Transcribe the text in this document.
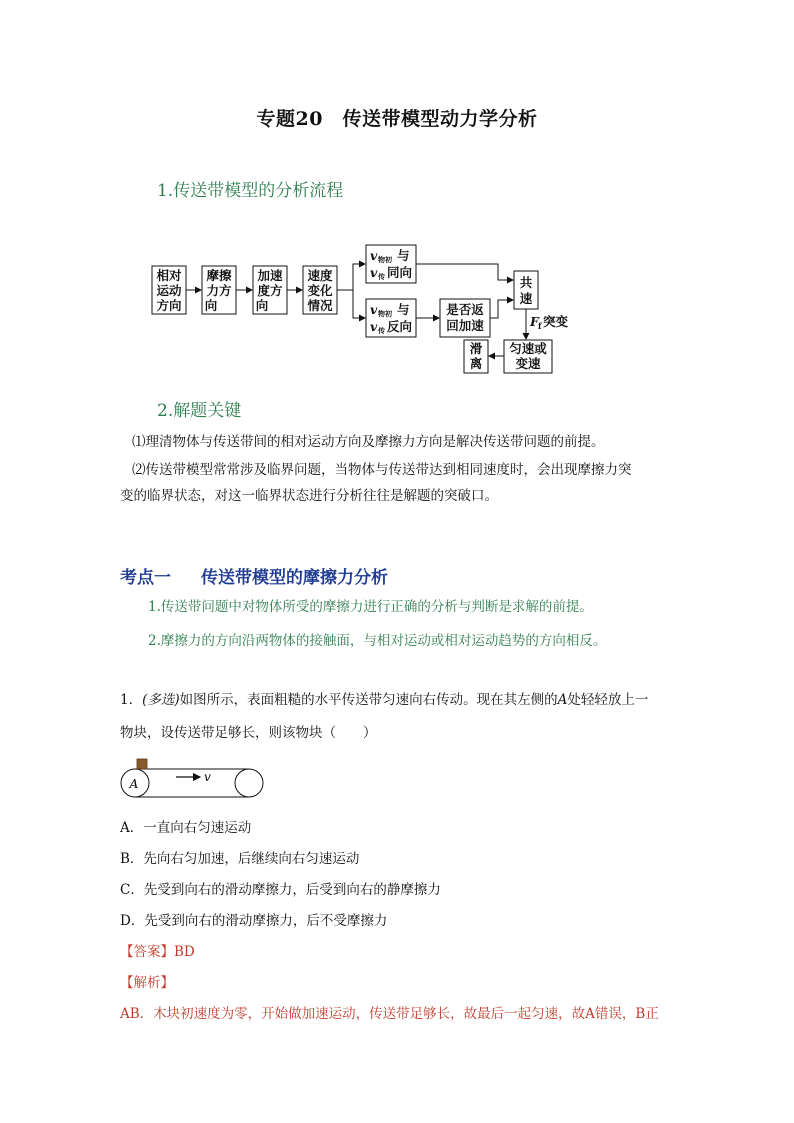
专题20　传送带模型动力学分析
1.传送带模型的分析流程
相对
运动
方向
摩擦
力方
向
加速
度方
向
速度
变化
情况
v 物初 与
v 传 同向
v 物初 与
v 传 反向
是否返
回加速
共
速
F f 突变
匀速或
变速
滑
离
2.解题关键
⑴理清物体与传送带间的相对运动方向及摩擦力方向是解决传送带问题的前提。
⑵传送带模型常常涉及临界问题，当物体与传送带达到相同速度时，会出现摩擦力突
变的临界状态，对这一临界状态进行分析往往是解题的突破口。
考点一 传送带模型的摩擦力分析
1.传送带问题中对物体所受的摩擦力进行正确的分析与判断是求解的前提。
2.摩擦力的方向沿两物体的接触面，与相对运动或相对运动趋势的方向相反。
1．(多选)如图所示，表面粗糙的水平传送带匀速向右传动。现在其左侧的A处轻轻放上一
物块，设传送带足够长，则该物块（　　）
A	v
A．一直向右匀速运动
B．先向右匀加速，后继续向右匀速运动
C．先受到向右的滑动摩擦力，后受到向右的静摩擦力
D．先受到向右的滑动摩擦力，后不受摩擦力
【答案】BD
【解析】
AB．木块初速度为零，开始做加速运动，传送带足够长，故最后一起匀速，故A错误，B正
